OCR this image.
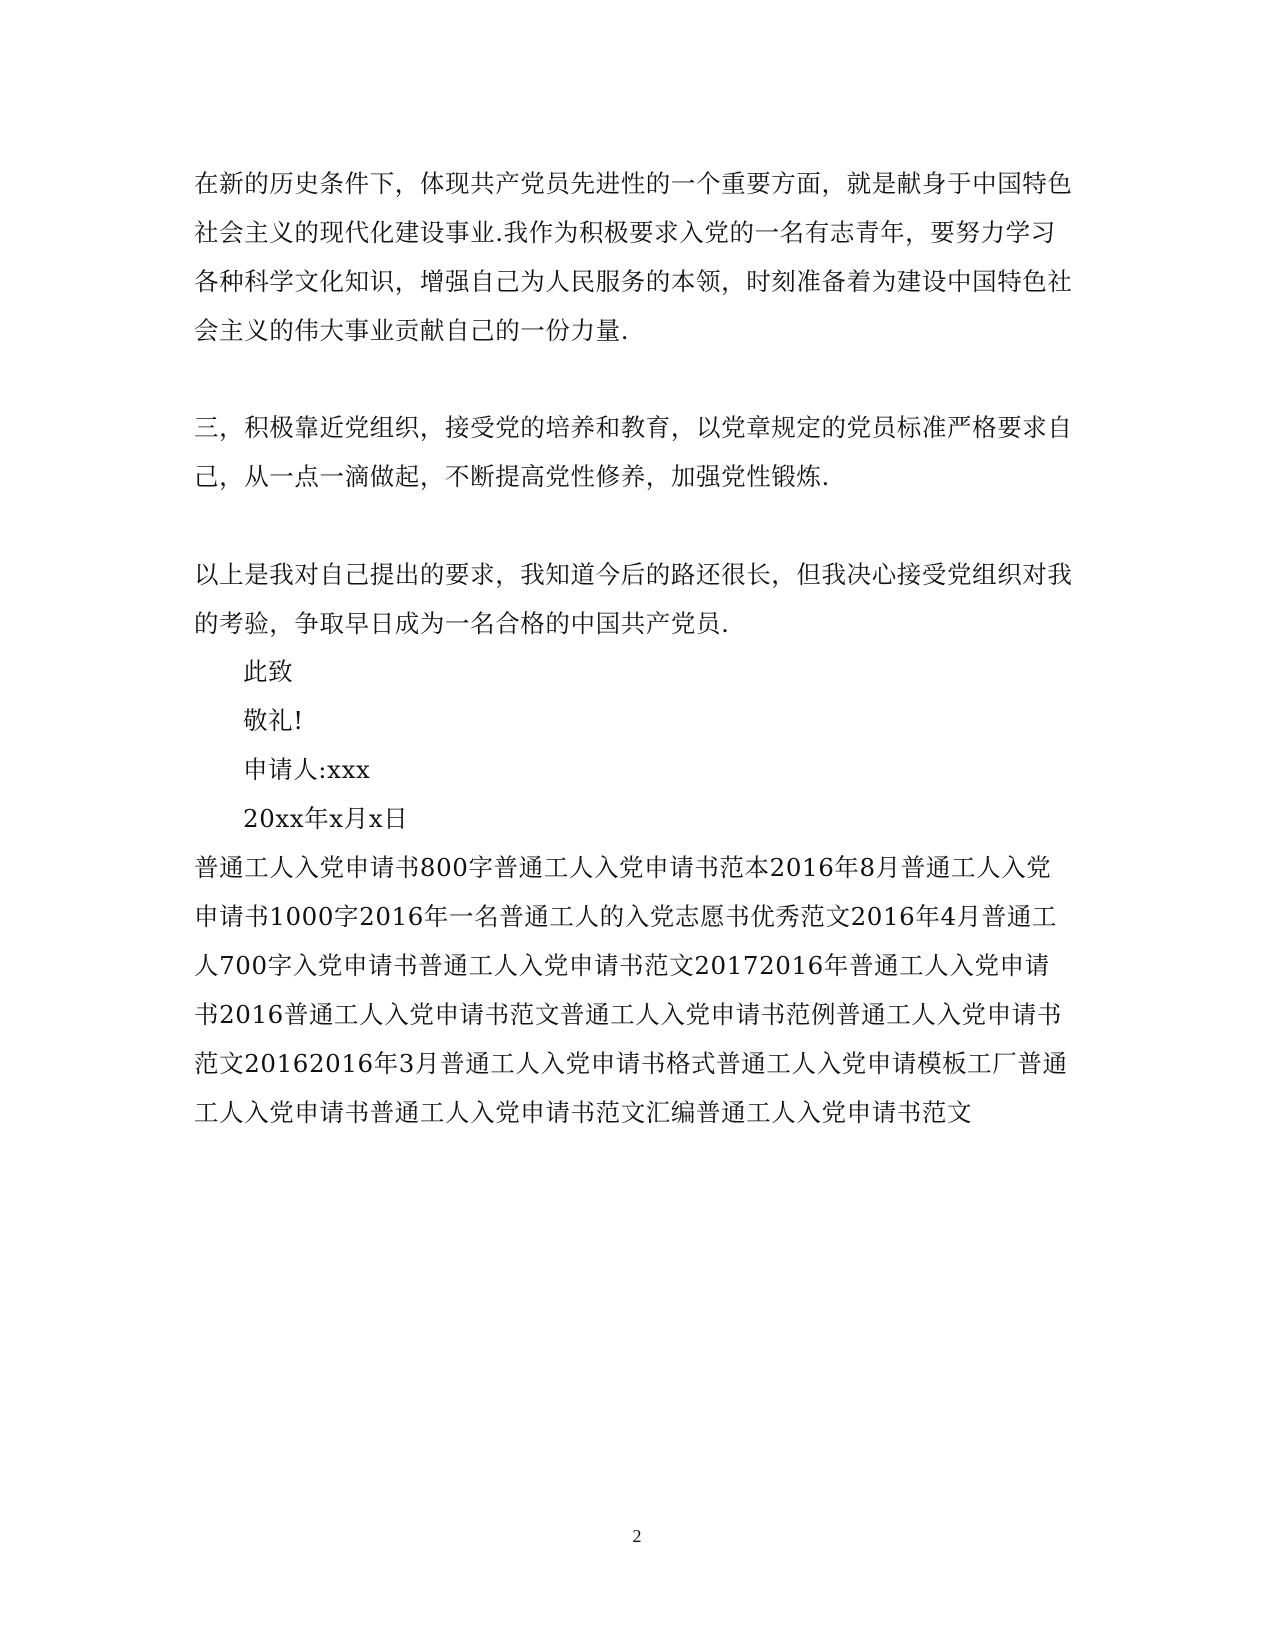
在新的历史条件下，体现共产党员先进性的一个重要方面，就是献身于中国特色社会主义的现代化建设事业.我作为积极要求入党的一名有志青年，要努力学习各种科学文化知识，增强自己为人民服务的本领，时刻准备着为建设中国特色社会主义的伟大事业贡献自己的一份力量.

三，积极靠近党组织，接受党的培养和教育，以党章规定的党员标准严格要求自己，从一点一滴做起，不断提高党性修养，加强党性锻炼.

以上是我对自己提出的要求，我知道今后的路还很长，但我决心接受党组织对我的考验，争取早日成为一名合格的中国共产党员.

此致

敬礼!

申请人:xxx

20xx年x月x日

普通工人入党申请书800字普通工人入党申请书范本2016年8月普通工人入党申请书1000字2016年一名普通工人的入党志愿书优秀范文2016年4月普通工人700字入党申请书普通工人入党申请书范文20172016年普通工人入党申请书2016普通工人入党申请书范文普通工人入党申请书范例普通工人入党申请书范文20162016年3月普通工人入党申请书格式普通工人入党申请模板工厂普通工人入党申请书普通工人入党申请书范文汇编普通工人入党申请书范文

2
